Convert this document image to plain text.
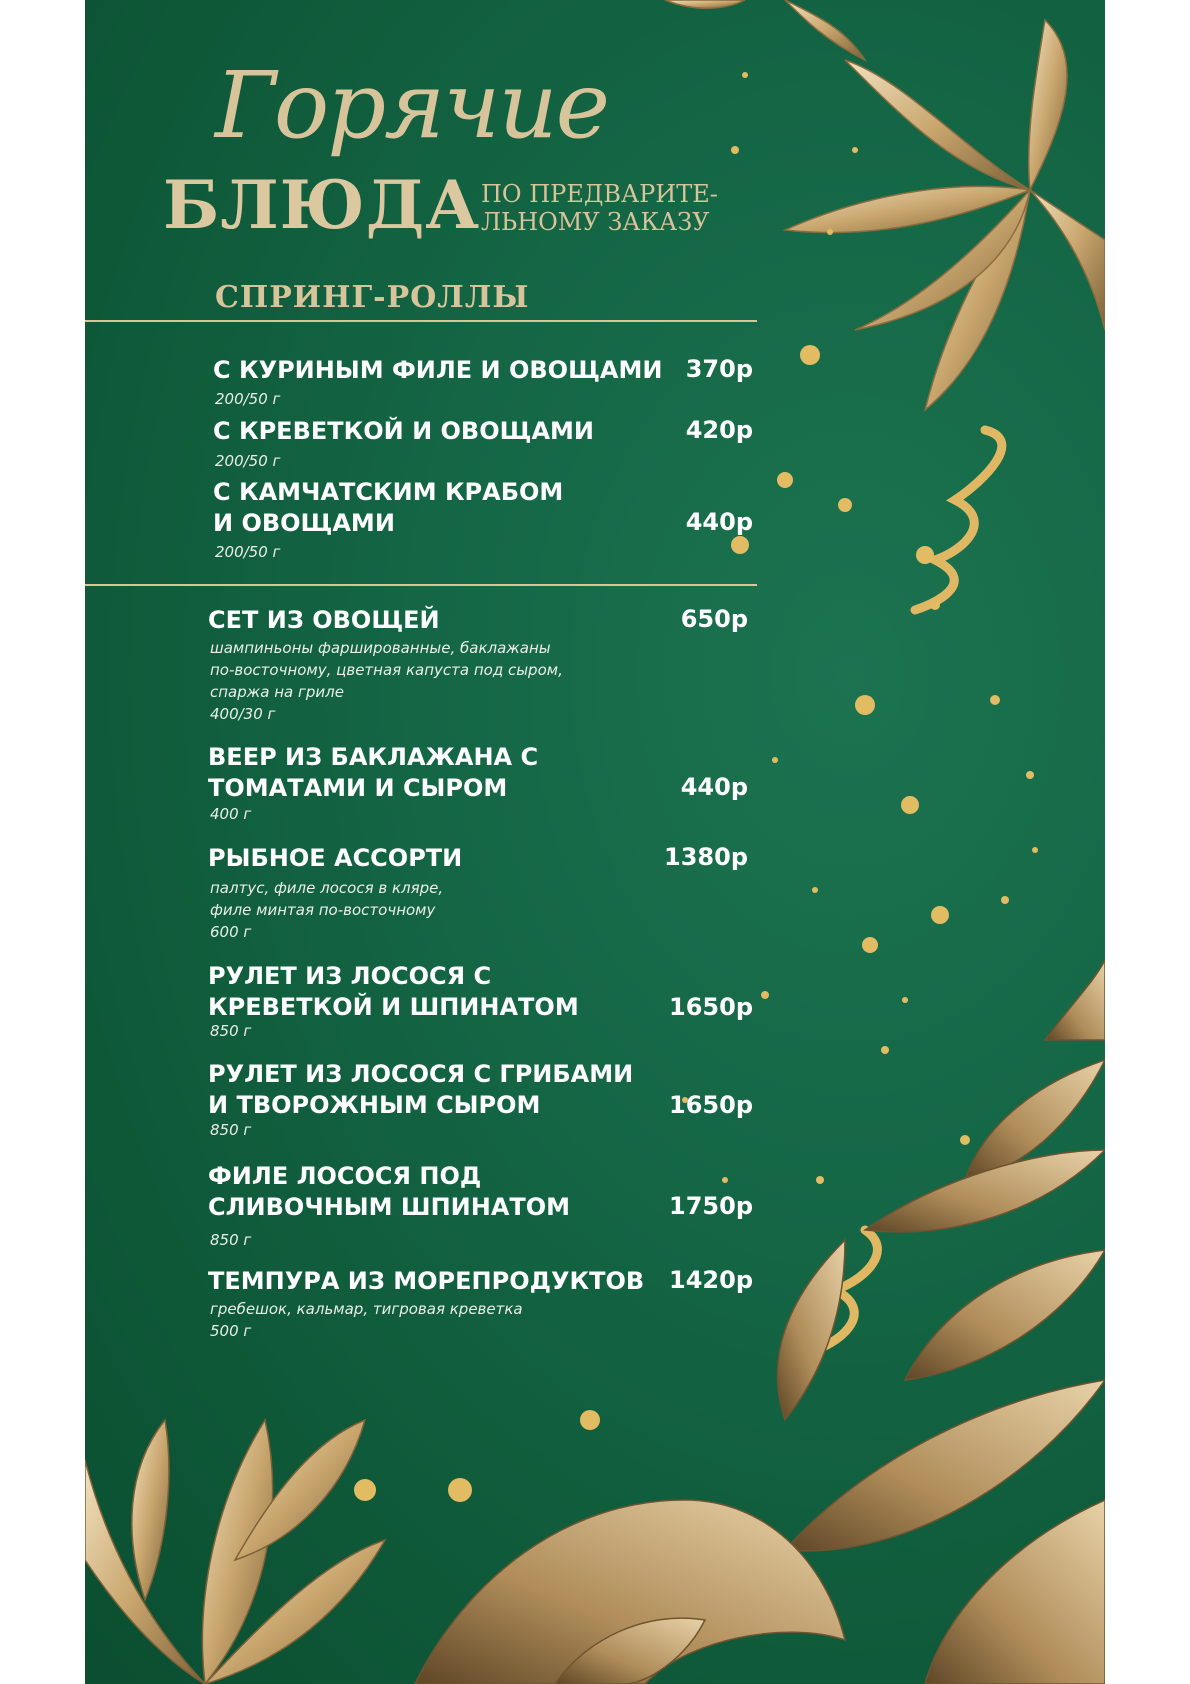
Горячие
БЛЮДА ПО ПРЕДВАРИТЕ-
ЛЬНОМУ ЗАКАЗУ
СПРИНГ-РОЛЛЫ
С КУРИНЫМ ФИЛЕ И ОВОЩАМИ 370р
200/50 г
С КРЕВЕТКОЙ И ОВОЩАМИ	420р
200/50 г
С КАМЧАТСКИМ КРАБОМ
И ОВОЩАМИ	440р
200/50 г
СЕТ ИЗ ОВОЩЕЙ	650р
шампиньоны фаршированные, баклажаны
по-восточному, цветная капуста под сыром,
спаржа на гриле
400/30 г
ВЕЕР ИЗ БАКЛАЖАНА С
ТОМАТАМИ И СЫРОМ	440р
400 г
РЫБНОЕ АССОРТИ	1380р
палтус, филе лосося в кляре,
филе минтая по-восточному
600 г
РУЛЕТ ИЗ ЛОСОСЯ С
КРЕВЕТКОЙ И ШПИНАТОМ	1650р
850 г
РУЛЕТ ИЗ ЛОСОСЯ С ГРИБАМИ
И ТВОРОЖНЫМ СЫРОМ	1650р
850 г
ФИЛЕ ЛОСОСЯ ПОД
СЛИВОЧНЫМ ШПИНАТОМ	1750р
850 г
ТЕМПУРА ИЗ МОРЕПРОДУКТОВ	1420р
гребешок, кальмар, тигровая креветка
500 г
